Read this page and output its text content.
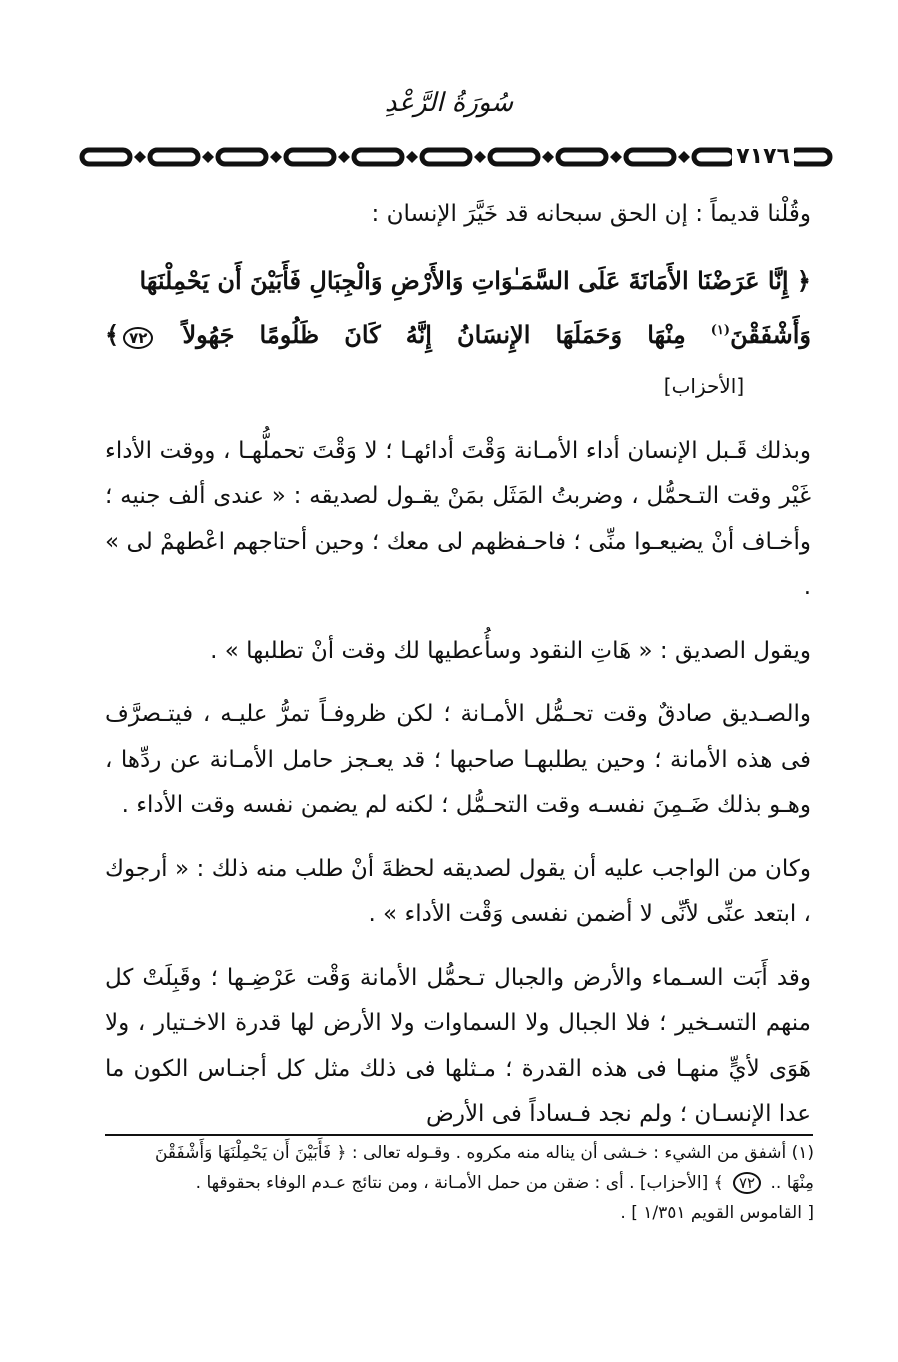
سُورَةُ الرَّعْدِ
٧١٧٦

وقُلْنا قديماً : إن الحق سبحانه قد خَيَّرَ الإنسان :

﴿ إِنَّا عَرَضْنَا الأَمَانَةَ عَلَى السَّمَـٰوَاتِ وَالأَرْضِ وَالْجِبَالِ فَأَبَيْنَ أَن يَحْمِلْنَهَا
وَأَشْفَقْنَ$^{(١)}$ مِنْهَا وَحَمَلَهَا الإِنسَانُ إِنَّهُ كَانَ ظَلُومًا جَهُولاً ٧٢﴾         [الأحزاب]

وبذلك قَـبل الإنسان أداء الأمـانة وَقْتَ أدائهـا ؛ لا وَقْتَ تحملُّهـا ، ووقت الأداء غَيْر وقت التـحمُّل ، وضربتُ المَثَل بمَنْ يقـول لصديقه : « عندى ألف جنيه ؛ وأخـاف أنْ يضيعـوا منِّى ؛ فاحـفظهم لى معك ؛ وحين أحتاجهم اعْطهمْ لى » .

ويقول الصديق : « هَاتِ النقود وسأُعطيها لك وقت أنْ تطلبها » .

والصـديق صادقٌ وقت تحـمُّل الأمـانة ؛ لكن ظروفـاً تمرُّ عليـه ، فيتـصرَّف فى هذه الأمانة ؛ وحين يطلبهـا صاحبها ؛ قد يعـجز حامل الأمـانة عن ردِّها ، وهـو بذلك ضَـمِنَ نفسـه وقت التحـمُّل ؛ لكنه لم يضمن نفسه وقت الأداء .

وكان من الواجب عليه أن يقول لصديقه لحظةَ أنْ طلب منه ذلك : « أرجوك ، ابتعد عنِّى لأنِّى لا أضمن نفسى وَقْت الأداء » .

وقد أَبَت السـماء والأرض والجبال تـحمُّل الأمانة وَقْت عَرْضِـها ؛ وقَبِلَتْ كل منهم التسـخير ؛ فلا الجبال ولا السماوات ولا الأرض لها قدرة الاخـتيار ، ولا هَوَى لأيٍّ منهـا فى هذه القدرة ؛ مـثلها فى ذلك مثل كل أجنـاس الكون ما عدا الإنسـان ؛ ولم نجد فـساداً فى الأرض

(١) أشفق من الشيء : خـشى أن يناله منه مكروه . وقـوله تعالى : ﴿ فَأَبَيْنَ أَن يَحْمِلْنَهَا وَأَشْفَقْنَ

مِنْهَا .. ٧٢ ﴾ [الأحزاب] . أى : ضقن من حمل الأمـانة ، ومن نتائج عـدم الوفاء بحقوقها .

[ القاموس القويم ١/٣٥١ ] .
